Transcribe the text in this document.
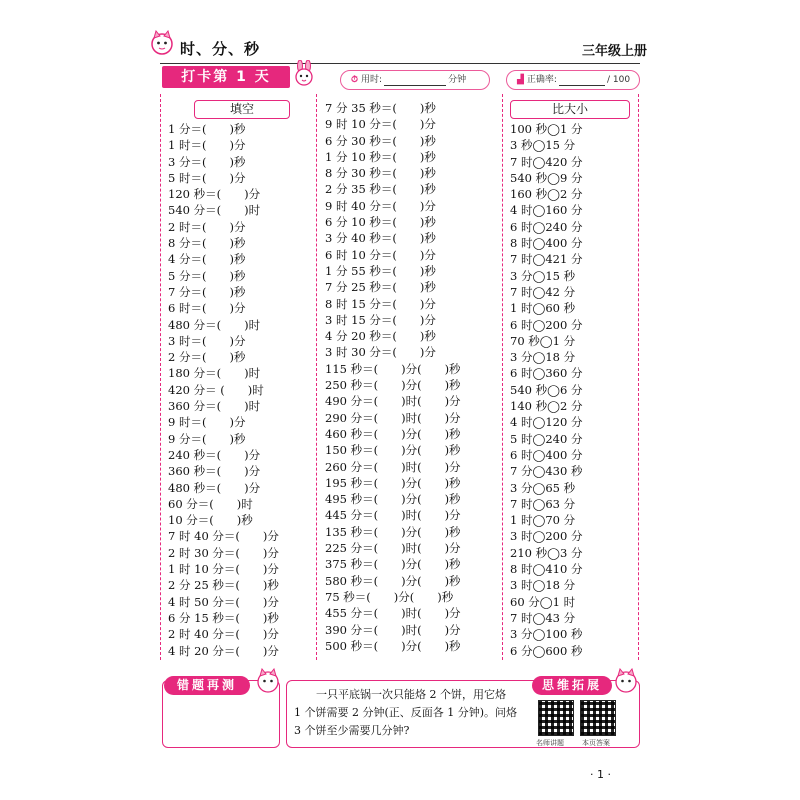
时、分、秒	三年级上册
打卡第 1 天	⏱ 用时:	分钟	▟ 正确率:	/ 100
填空	比大小
1 分＝(　　)秒
1 时＝(　　)分
3 分＝(　　)秒
5 时＝(　　)分
120 秒＝(　　)分
540 分＝(　　)时
2 时＝(　　)分
8 分＝(　　)秒
4 分＝(　　)秒
5 分＝(　　)秒
7 分＝(　　)秒
6 时＝(　　)分
480 分＝(　　)时
3 时＝(　　)分
2 分＝(　　)秒
180 分＝(　　)时
420 分＝ (　　)时
360 分＝(　　)时
9 时＝(　　)分
9 分＝(　　)秒
240 秒＝(　　)分
360 秒＝(　　)分
480 秒＝(　　)分
60 分＝(　　)时
10 分＝(　　)秒
7 时 40 分＝(　　)分
2 时 30 分＝(　　)分
1 时 10 分＝(　　)分
2 分 25 秒＝(　　)秒
4 时 50 分＝(　　)分
6 分 15 秒＝(　　)秒
2 时 40 分＝(　　)分
4 时 20 分＝(　　)分
7 分 35 秒＝(　　)秒
9 时 10 分＝(　　)分
6 分 30 秒＝(　　)秒
1 分 10 秒＝(　　)秒
8 分 30 秒＝(　　)秒
2 分 35 秒＝(　　)秒
9 时 40 分＝(　　)分
6 分 10 秒＝(　　)秒
3 分 40 秒＝(　　)秒
6 时 10 分＝(　　)分
1 分 55 秒＝(　　)秒
7 分 25 秒＝(　　)秒
8 时 15 分＝(　　)分
3 时 15 分＝(　　)分
4 分 20 秒＝(　　)秒
3 时 30 分＝(　　)分
115 秒＝(　　)分(　　)秒
250 秒＝(　　)分(　　)秒
490 分＝(　　)时(　　)分
290 分＝(　　)时(　　)分
460 秒＝(　　)分(　　)秒
150 秒＝(　　)分(　　)秒
260 分＝(　　)时(　　)分
195 秒＝(　　)分(　　)秒
495 秒＝(　　)分(　　)秒
445 分＝(　　)时(　　)分
135 秒＝(　　)分(　　)秒
225 分＝(　　)时(　　)分
375 秒＝(　　)分(　　)秒
580 秒＝(　　)分(　　)秒
75 秒＝(　　)分(　　)秒
455 分＝(　　)时(　　)分
390 分＝(　　)时(　　)分
500 秒＝(　　)分(　　)秒
100 秒◯1 分
3 秒◯15 分
7 时◯420 分
540 秒◯9 分
160 秒◯2 分
4 时◯160 分
6 时◯240 分
8 时◯400 分
7 时◯421 分
3 分◯15 秒
7 时◯42 分
1 时◯60 秒
6 时◯200 分
70 秒◯1 分
3 分◯18 分
6 时◯360 分
540 秒◯6 分
140 秒◯2 分
4 时◯120 分
5 时◯240 分
6 时◯400 分
7 分◯430 秒
3 分◯65 秒
7 时◯63 分
1 时◯70 分
3 时◯200 分
210 秒◯3 分
8 时◯410 分
3 时◯18 分
60 分◯1 时
7 时◯43 分
3 分◯100 秒
6 分◯600 秒
错题再测	思维拓展
　　一只平底锅一次只能烙 2 个饼，用它烙
1 个饼需要 2 分钟(正、反面各 1 分钟)。问烙
3 个饼至少需要几分钟?
名师讲题	本页答案
· 1 ·
